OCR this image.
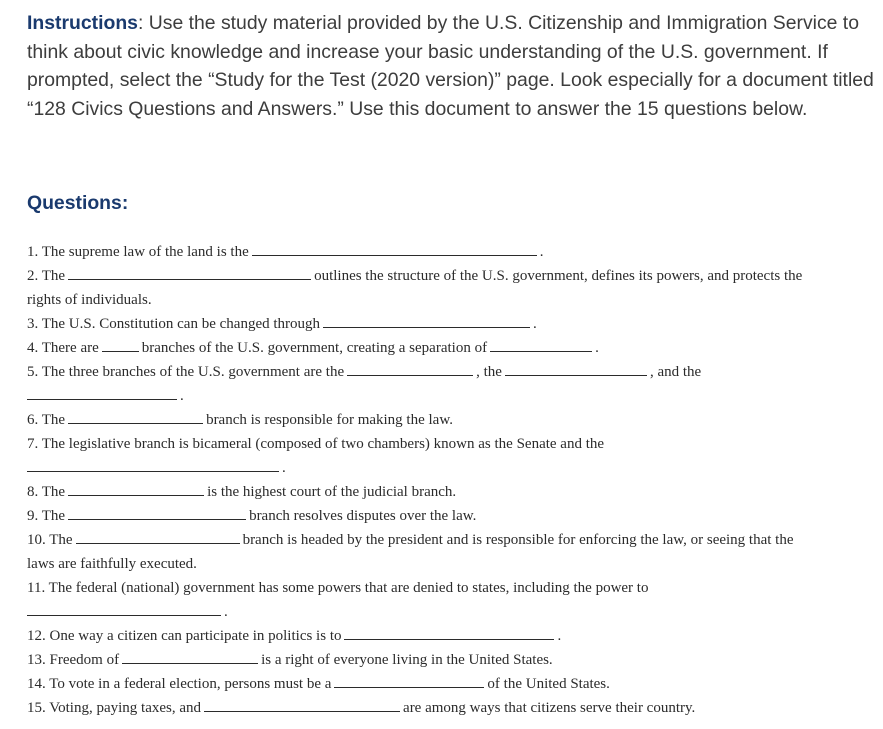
Instructions: Use the study material provided by the U.S. Citizenship and Immigration Service to think about civic knowledge and increase your basic understanding of the U.S. government. If prompted, select the “Study for the Test (2020 version)” page. Look especially for a document titled “128 Civics Questions and Answers.” Use this document to answer the 15 questions below.
Questions:
1. The supreme law of the land is the	.
2. The	outlines the structure of the U.S. government, defines its powers, and protects the
rights of individuals.
3. The U.S. Constitution can be changed through	.
4. There are	branches of the U.S. government, creating a separation of	.
5. The three branches of the U.S. government are the	, the	, and the
.
6. The	branch is responsible for making the law.
7. The legislative branch is bicameral (composed of two chambers) known as the Senate and the
.
8. The	is the highest court of the judicial branch.
9. The	branch resolves disputes over the law.
10. The	branch is headed by the president and is responsible for enforcing the law, or seeing that the
laws are faithfully executed.
11. The federal (national) government has some powers that are denied to states, including the power to
.
12. One way a citizen can participate in politics is to	.
13. Freedom of	is a right of everyone living in the United States.
14. To vote in a federal election, persons must be a	of the United States.
15. Voting, paying taxes, and	are among ways that citizens serve their country.
